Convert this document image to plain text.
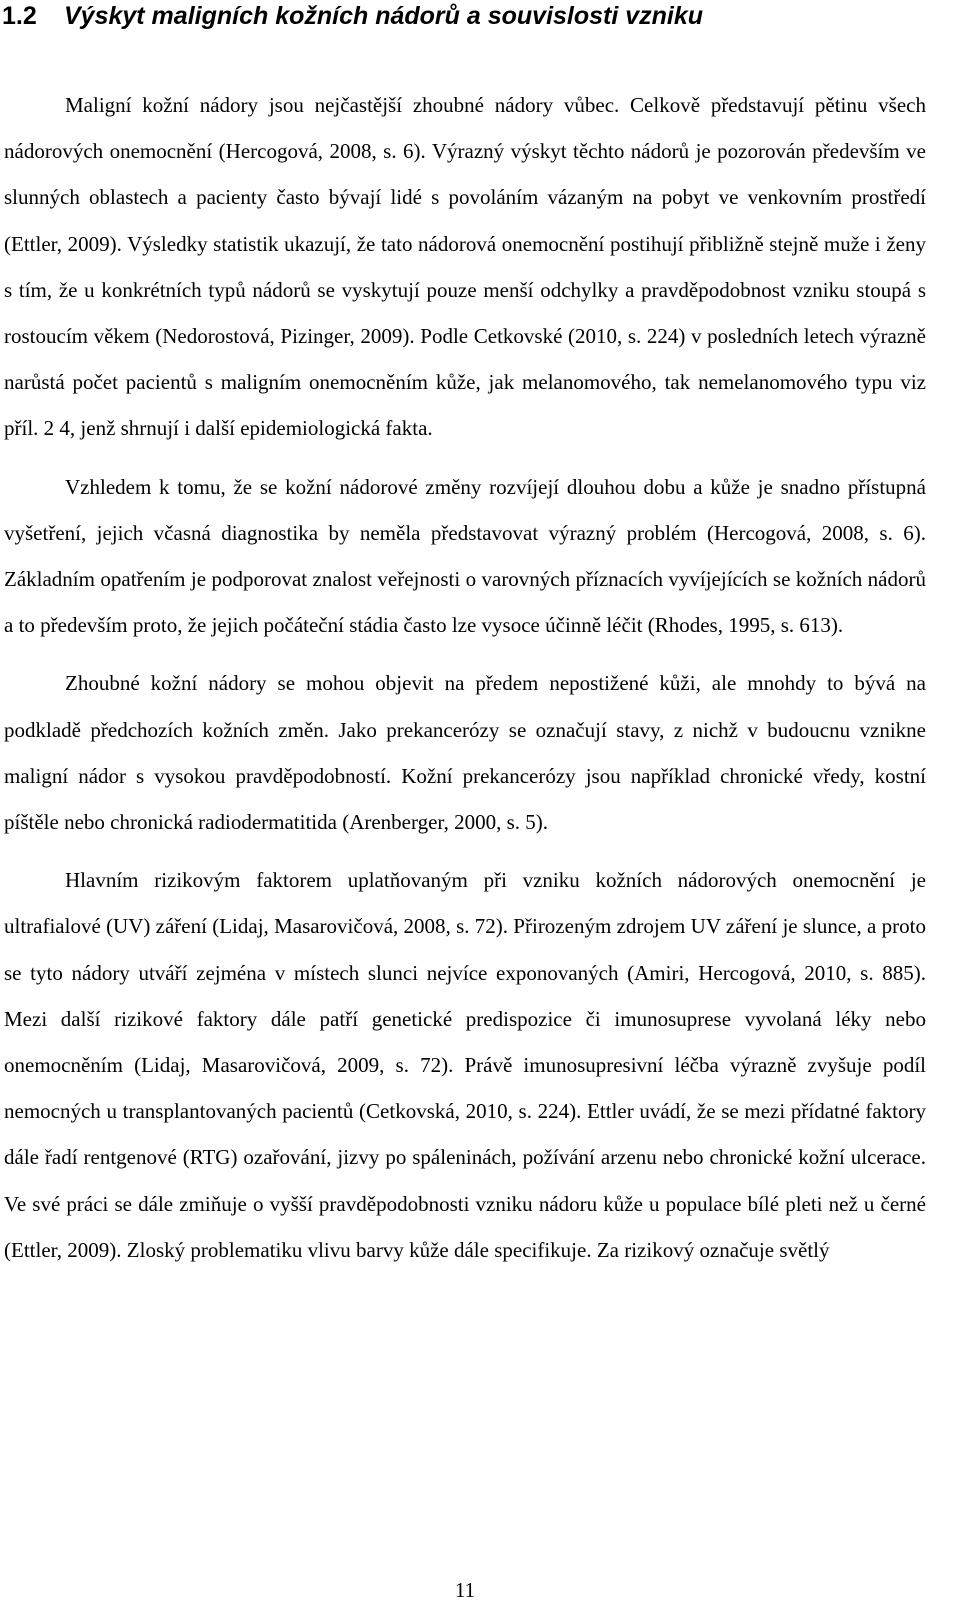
1.2 Výskyt maligních kožních nádorů a souvislosti vzniku

Maligní kožní nádory jsou nejčastější zhoubné nádory vůbec. Celkově představují pětinu všech nádorových onemocnění (Hercogová, 2008, s. 6). Výrazný výskyt těchto nádorů je pozorován především ve slunných oblastech a pacienty často bývají lidé s povoláním vázaným na pobyt ve venkovním prostředí (Ettler, 2009). Výsledky statistik ukazují, že tato nádorová onemocnění postihují přibližně stejně muže i ženy s tím, že u konkrétních typů nádorů se vyskytují pouze menší odchylky a pravděpodobnost vzniku stoupá s rostoucím věkem (Nedorostová, Pizinger, 2009). Podle Cetkovské (2010, s. 224) v posledních letech výrazně narůstá počet pacientů s maligním onemocněním kůže, jak melanomového, tak nemelanomového typu viz příl. 2 4, jenž shrnují i další epidemiologická fakta.

Vzhledem k tomu, že se kožní nádorové změny rozvíjejí dlouhou dobu a kůže je snadno přístupná vyšetření, jejich včasná diagnostika by neměla představovat výrazný problém (Hercogová, 2008, s. 6). Základním opatřením je podporovat znalost veřejnosti o varovných příznacích vyvíjejících se kožních nádorů a to především proto, že jejich počáteční stádia často lze vysoce účinně léčit (Rhodes, 1995, s. 613).

Zhoubné kožní nádory se mohou objevit na předem nepostižené kůži, ale mnohdy to bývá na podkladě předchozích kožních změn. Jako prekancerózy se označují stavy, z nichž v budoucnu vznikne maligní nádor s vysokou pravděpodobností. Kožní prekancerózy jsou například chronické vředy, kostní píštěle nebo chronická radiodermatitida (Arenberger, 2000, s. 5).

Hlavním rizikovým faktorem uplatňovaným při vzniku kožních nádorových onemocnění je ultrafialové (UV) záření (Lidaj, Masarovičová, 2008, s. 72). Přirozeným zdrojem UV záření je slunce, a proto se tyto nádory utváří zejména v místech slunci nejvíce exponovaných (Amiri, Hercogová, 2010, s. 885). Mezi další rizikové faktory dále patří genetické predispozice či imunosuprese vyvolaná léky nebo onemocněním (Lidaj, Masarovičová, 2009, s. 72). Právě imunosupresivní léčba výrazně zvyšuje podíl nemocných u transplantovaných pacientů (Cetkovská, 2010, s. 224). Ettler uvádí, že se mezi přídatné faktory dále řadí rentgenové (RTG) ozařování, jizvy po spáleninách, požívání arzenu nebo chronické kožní ulcerace. Ve své práci se dále zmiňuje o vyšší pravděpodobnosti vzniku nádoru kůže u populace bílé pleti než u černé (Ettler, 2009). Zloský problematiku vlivu barvy kůže dále specifikuje. Za rizikový označuje světlý

11
